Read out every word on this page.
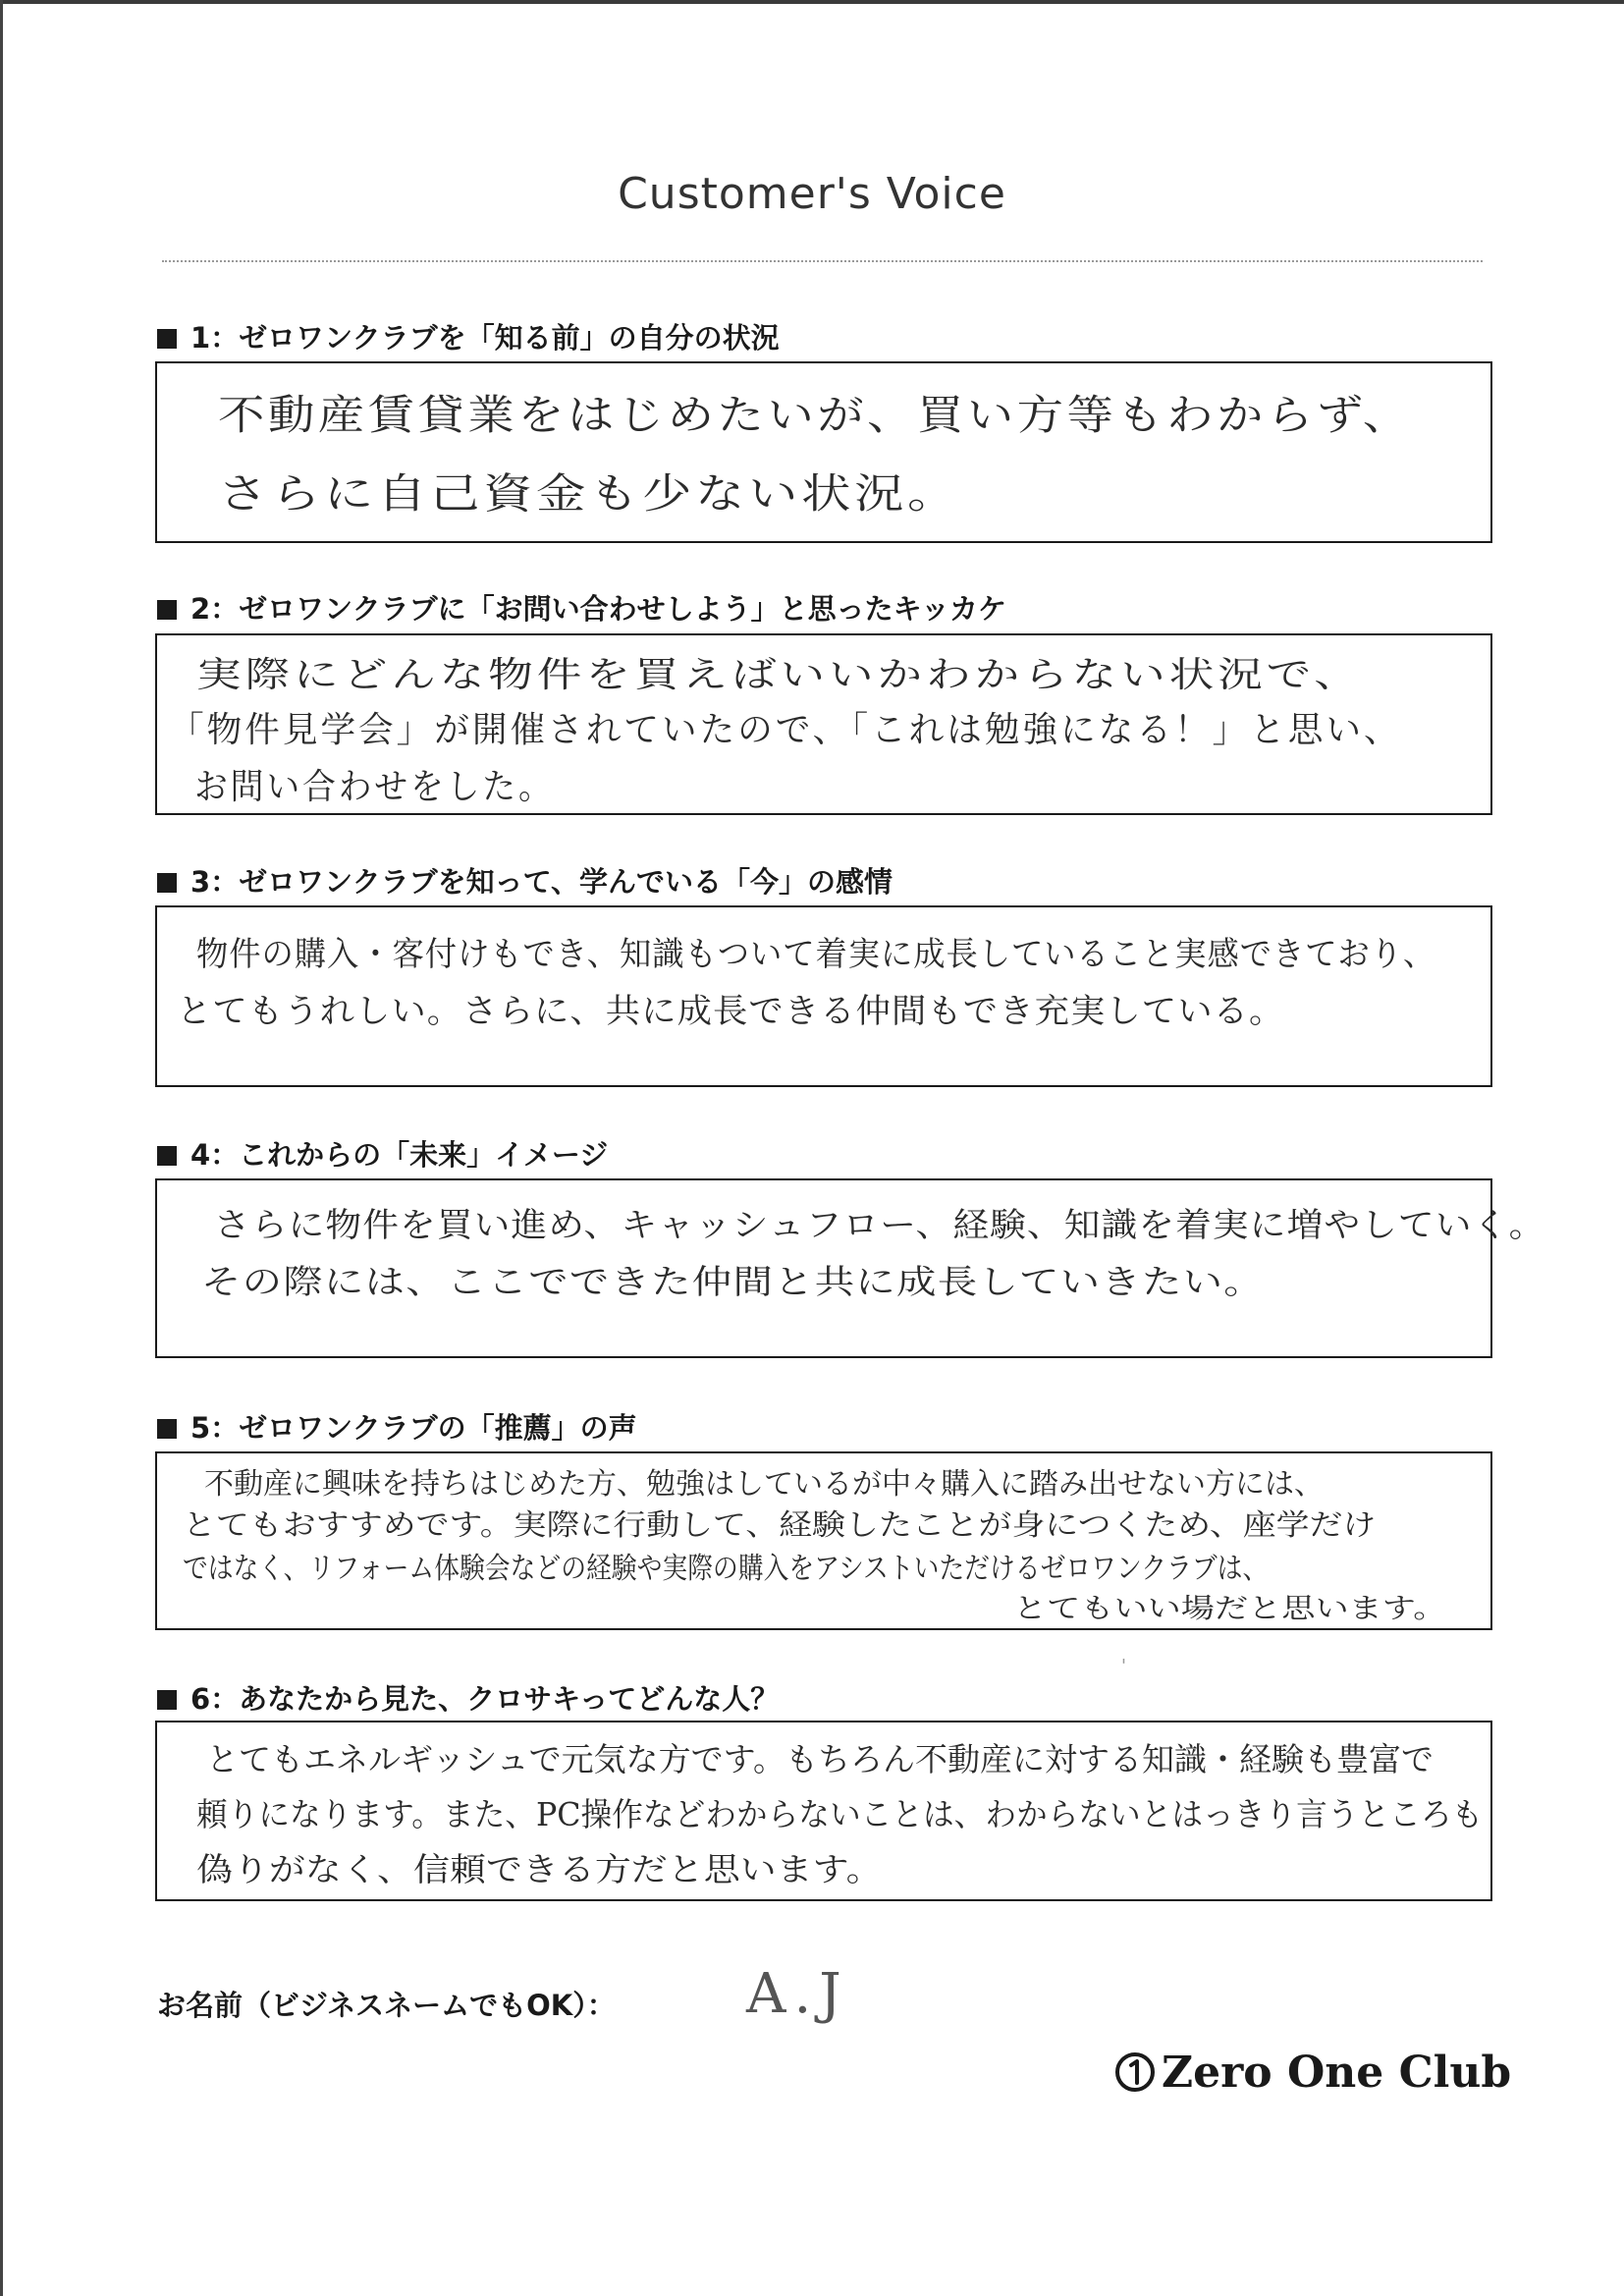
Customer's Voice
1：ゼロワンクラブを「知る前」の自分の状況
不動産賃貸業をはじめたいが、買い方等もわからず、
さらに自己資金も少ない状況。
2：ゼロワンクラブに「お問い合わせしよう」と思ったキッカケ
実際にどんな物件を買えばいいかわからない状況で、
「物件見学会」が開催されていたので、「これは勉強になる！」と思い、
お問い合わせをした。
3：ゼロワンクラブを知って、学んでいる「今」の感情
物件の購入・客付けもでき、知識もついて着実に成長していること実感できており、
とてもうれしい。さらに、共に成長できる仲間もでき充実している。
4：これからの「未来」イメージ
さらに物件を買い進め、キャッシュフロー、経験、知識を着実に増やしていく。
その際には、ここでできた仲間と共に成長していきたい。
5：ゼロワンクラブの「推薦」の声
不動産に興味を持ちはじめた方、勉強はしているが中々購入に踏み出せない方には、
とてもおすすめです。実際に行動して、経験したことが身につくため、座学だけ
ではなく、リフォーム体験会などの経験や実際の購入をアシストいただけるゼロワンクラブは、
とてもいい場だと思います。
6：あなたから見た、クロサキってどんな人？
'
とてもエネルギッシュで元気な方です。もちろん不動産に対する知識・経験も豊富で
頼りになります。また、PC操作などわからないことは、わからないとはっきり言うところも
偽りがなく、信頼できる方だと思います。
お名前（ビジネスネームでもOK）： A.J
Zero One Club
